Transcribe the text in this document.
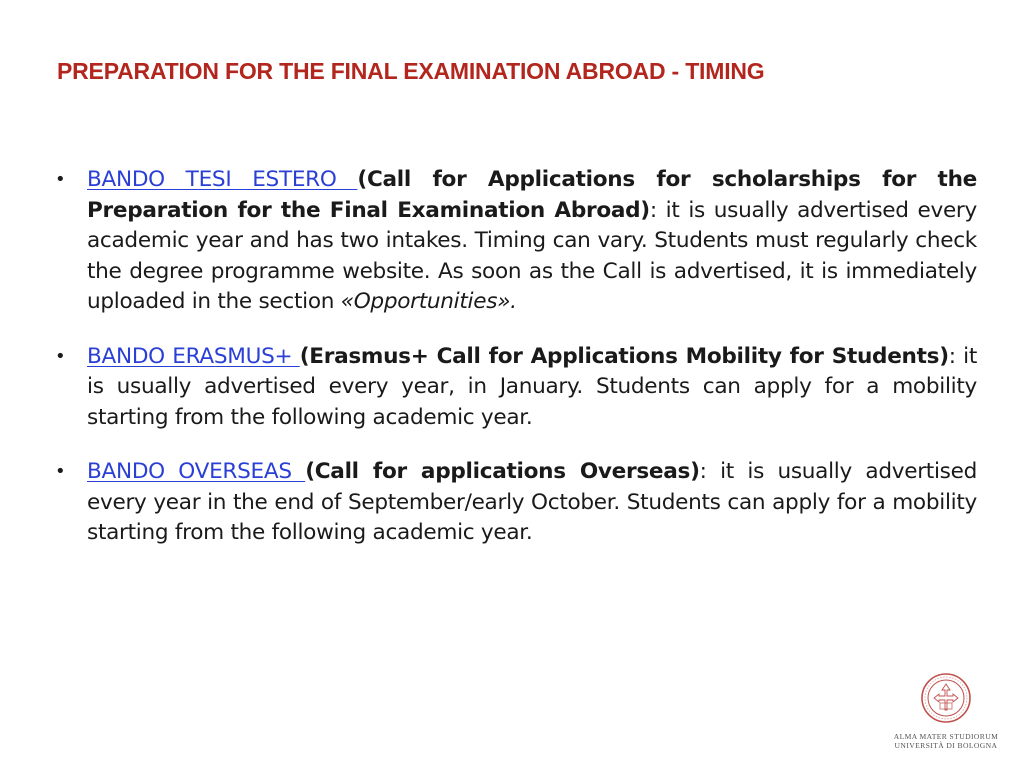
PREPARATION FOR THE FINAL EXAMINATION ABROAD - TIMING
• BANDO TESI ESTERO (Call for Applications for scholarships for the Preparation for the Final Examination Abroad): it is usually advertised every academic year and has two intakes. Timing can vary. Students must regularly check the degree programme website. As soon as the Call is advertised, it is immediately uploaded in the section «Opportunities».
• BANDO ERASMUS+ (Erasmus+ Call for Applications Mobility for Students): it is usually advertised every year, in January. Students can apply for a mobility starting from the following academic year.
• BANDO OVERSEAS (Call for applications Overseas): it is usually advertised every year in the end of September/early October. Students can apply for a mobility starting from the following academic year.
ALMA MATER STUDIORUM
UNIVERSITÀ DI BOLOGNA
